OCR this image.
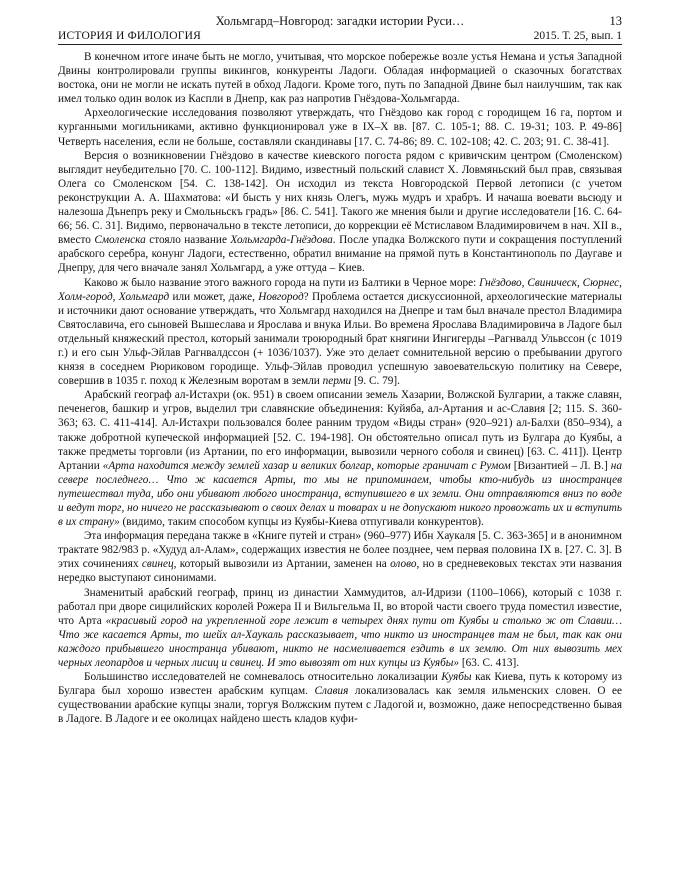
Хольмгард–Новгород: загадки истории Руси…	13
ИСТОРИЯ И ФИЛОЛОГИЯ	2015. Т. 25, вып. 1

В конечном итоге иначе быть не могло, учитывая, что морское побережье возле устья Немана и устья Западной Двины контролировали группы викингов, конкуренты Ладоги. Обладая информацией о сказочных богатствах востока, они не могли не искать путей в обход Ладоги. Кроме того, путь по Западной Двине был наилучшим, так как имел только один волок из Каспли в Днепр, как раз напротив Гнёздова-Хольмгарда.

Археологические исследования позволяют утверждать, что Гнёздово как город с городищем 16 га, портом и курганными могильниками, активно функционировал уже в IX–X вв. [87. С. 105-1; 88. С. 19-31; 103. Р. 49-86] Четверть населения, если не больше, составляли скандинавы [17. С. 74-86; 89. С. 102-108; 42. С. 203; 91. С. 38-41].

Версия о возникновении Гнёздово в качестве киевского погоста рядом с кривичским центром (Смоленском) выглядит неубедительно [70. С. 100-112]. Видимо, известный польский славист Х. Ловмяньский был прав, связывая Олега со Смоленском [54. С. 138-142]. Он исходил из текста Новгородской Первой летописи (с учетом реконструкции А. А. Шахматова: «И бысть у них князь Олегъ, мужь мудръ и храбръ. И начаша воевати вьсюду и налезоша Дънепръ реку и Смольньскъ градъ» [86. С. 541]. Такого же мнения были и другие исследователи [16. С. 64-66; 56. С. 31]. Видимо, первоначально в тексте летописи, до коррекции её Мстиславом Владимировичем в нач. XII в., вместо Смоленска стояло название Хольмгарда-Гнёздова. После упадка Волжского пути и сокращения поступлений арабского серебра, конунг Ладоги, естественно, обратил внимание на прямой путь в Константинополь по Даугаве и Днепру, для чего вначале занял Хольмгард, а уже оттуда – Киев.

Каково ж было название этого важного города на пути из Балтики в Черное море: Гнёздово, Свиническ, Сюрнес, Холм-город, Хольмгард или может, даже, Новгород? Проблема остается дискуссионной, археологические материалы и источники дают основание утверждать, что Хольмгард находился на Днепре и там был вначале престол Владимира Святославича, его сыновей Вышеслава и Ярослава и внука Ильи. Во времена Ярослава Владимировича в Ладоге был отдельный княжеский престол, который занимали троюродный брат княгини Ингигерды –Рагнвалд Ульвссон (с 1019 г.) и его сын Ульф-Эйлав Рагнвалдссон (+ 1036/1037). Уже это делает сомнительной версию о пребывании другого князя в соседнем Рюриковом городище. Ульф-Эйлав проводил успешную завоевательскую политику на Севере, совершив в 1035 г. поход к Железным воротам в земли перми [9. С. 79].

Арабский географ ал-Истахри (ок. 951) в своем описании земель Хазарии, Волжской Булгарии, а также славян, печенегов, башкир и угров, выделил три славянские объединения: Куйяба, ал-Артания и ас-Славия [2; 115. S. 360-363; 63. С. 411-414]. Ал-Истахри пользовался более ранним трудом «Виды стран» (920–921) ал-Балхи (850–934), а также добротной купеческой информацией [52. С. 194-198]. Он обстоятельно описал путь из Булгара до Куябы, а также предметы торговли (из Артании, по его информации, вывозили черного соболя и свинец) [63. С. 411]). Центр Артании «Арта находится между землей хазар и великих болгар, которые граничат с Румом [Византией – Л. В.] на севере последнего… Что ж касается Арты, то мы не припоминаем, чтобы кто-нибудь из иностранцев путешествал туда, ибо они убивают любого иностранца, вступившего в их земли. Они отправляются вниз по воде и ведут торг, но ничего не рассказывают о своих делах и товарах и не допускают никого провожать их и вступить в их страну» (видимо, таким способом купцы из Куябы-Киева отпугивали конкурентов).

Эта информация передана также в «Книге путей и стран» (960–977) Ибн Хаукаля [5. С. 363-365] и в анонимном трактате 982/983 р. «Худуд ал-Алам», содержащих известия не более позднее, чем первая половина IX в. [27. С. 3]. В этих сочинениях свинец, который вывозили из Артании, заменен на олово, но в средневековых текстах эти названия нередко выступают синонимами.

Знаменитый арабский географ, принц из династии Хаммудитов, ал-Идризи (1100–1066), который с 1038 г. работал при дворе сицилийских королей Рожера II и Вильгельма II, во второй части своего труда поместил известие, что Арта «красивый город на укрепленной горе лежит в четырех днях пути от Куябы и столько ж от Славии… Что же касается Арты, то шейх ал-Хаукаль рассказывает, что никто из иностранцев там не был, так как они каждого прибывшего иностранца убивают, никто не насмеливается ездить в их землю. От них вывозить мех черных леопардов и черных лисиц и свинец. И это вывозят от них купцы из Куябы» [63. С. 413].

Большинство исследователей не сомневалось относительно локализации Куябы как Киева, путь к которому из Булгара был хорошо известен арабским купцам. Славия локализовалась как земля ильменских словен. О ее существовании арабские купцы знали, торгуя Волжским путем с Ладогой и, возможно, даже непосредственно бывая в Ладоге. В Ладоге и ее околицах найдено шесть кладов куфи-
